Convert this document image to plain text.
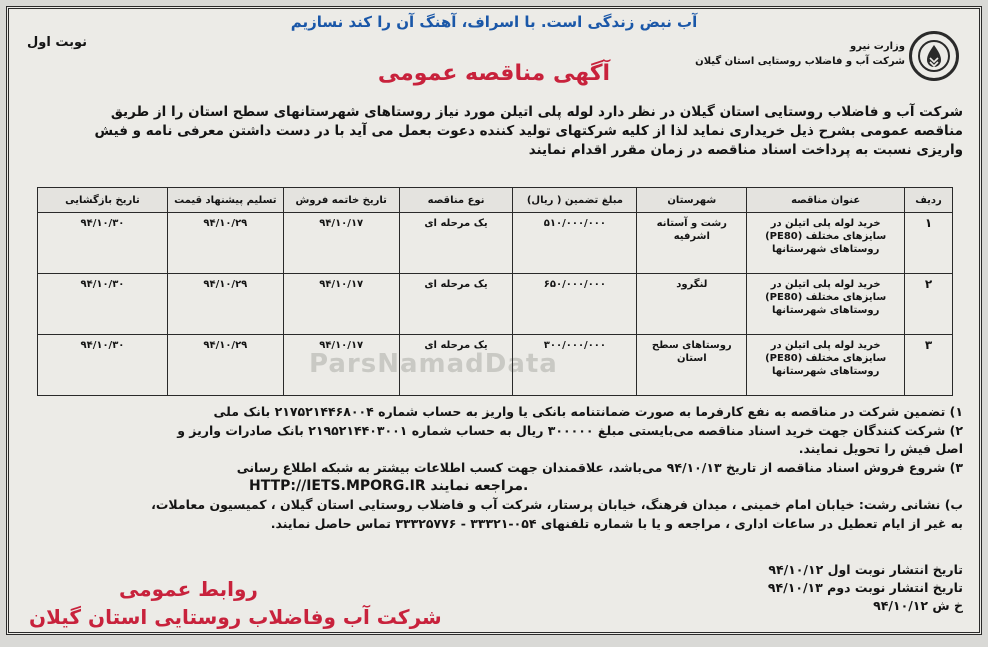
آب نبض زندگی است. با اسراف، آهنگ آن را کند نسازیم
نوبت اول	وزارت نیرو
شرکت آب و فاضلاب روستایی استان گیلان
آگهی مناقصه عمومی
شرکت آب و فاضلاب روستایی استان گیلان در نظر دارد لوله پلی اتیلن مورد نیاز روستاهای شهرستانهای سطح استان را از طریق
مناقصه عمومی بشرح ذیل خریداری نماید لذا از کلیه شرکتهای تولید کننده دعوت بعمل می آید با در دست داشتن معرفی نامه و فیش
واریزی نسبت به پرداخت اسناد مناقصه در زمان مقرر اقدام نمایند
ParsNamadData
ردیف	عنوان مناقصه	شهرستان	مبلغ تضمین ( ریال)	نوع مناقصه	تاریخ خاتمه فروش	تسلیم پیشنهاد قیمت	تاریخ بازگشایی
۱	خرید لوله پلی اتیلن در سایزهای مختلف (PE80) روستاهای شهرستانها	رشت و آستانه اشرفیه	۵۱۰/۰۰۰/۰۰۰	یک مرحله ای	۹۴/۱۰/۱۷	۹۴/۱۰/۲۹	۹۴/۱۰/۳۰
۲	خرید لوله پلی اتیلن در سایزهای مختلف (PE80) روستاهای شهرستانها	لنگرود	۶۵۰/۰۰۰/۰۰۰	یک مرحله ای	۹۴/۱۰/۱۷	۹۴/۱۰/۲۹	۹۴/۱۰/۳۰
۳	خرید لوله پلی اتیلن در سایزهای مختلف (PE80) روستاهای شهرستانها	روستاهای سطح استان	۳۰۰/۰۰۰/۰۰۰	یک مرحله ای	۹۴/۱۰/۱۷	۹۴/۱۰/۲۹	۹۴/۱۰/۳۰
۱) تضمین شرکت در مناقصه به نفع کارفرما به صورت ضمانتنامه بانکی یا واریز به حساب شماره ۲۱۷۵۲۱۴۴۶۸۰۰۴ بانک ملی
۲) شرکت کنندگان جهت خرید اسناد مناقصه می‌بایستی مبلغ ۳۰۰۰۰۰ ریال به حساب شماره ۲۱۹۵۲۱۴۴۰۳۰۰۱ بانک صادرات واریز و
اصل فیش را تحویل نمایند.
۳) شروع فروش اسناد مناقصه از تاریخ ۹۴/۱۰/۱۳ می‌باشد، علاقمندان جهت کسب اطلاعات بیشتر به شبکه اطلاع رسانی
HTTP://IETS.MPORG.IR مراجعه نمایند.
ب) نشانی رشت: خیابان امام خمینی ، میدان فرهنگ، خیابان پرستار، شرکت آب و فاضلاب روستایی استان گیلان ، کمیسیون معاملات،
به غیر از ایام تعطیل در ساعات اداری ، مراجعه و یا با شماره تلفنهای ۰۵۴-۳۳۳۲۱ - ۳۳۳۲۵۷۷۶ تماس حاصل نمایند.
تاریخ انتشار نوبت اول ۹۴/۱۰/۱۲
تاریخ انتشار نوبت دوم ۹۴/۱۰/۱۳
خ ش ۹۴/۱۰/۱۲
روابط عمومی
شرکت آب وفاضلاب روستایی استان گیلان
